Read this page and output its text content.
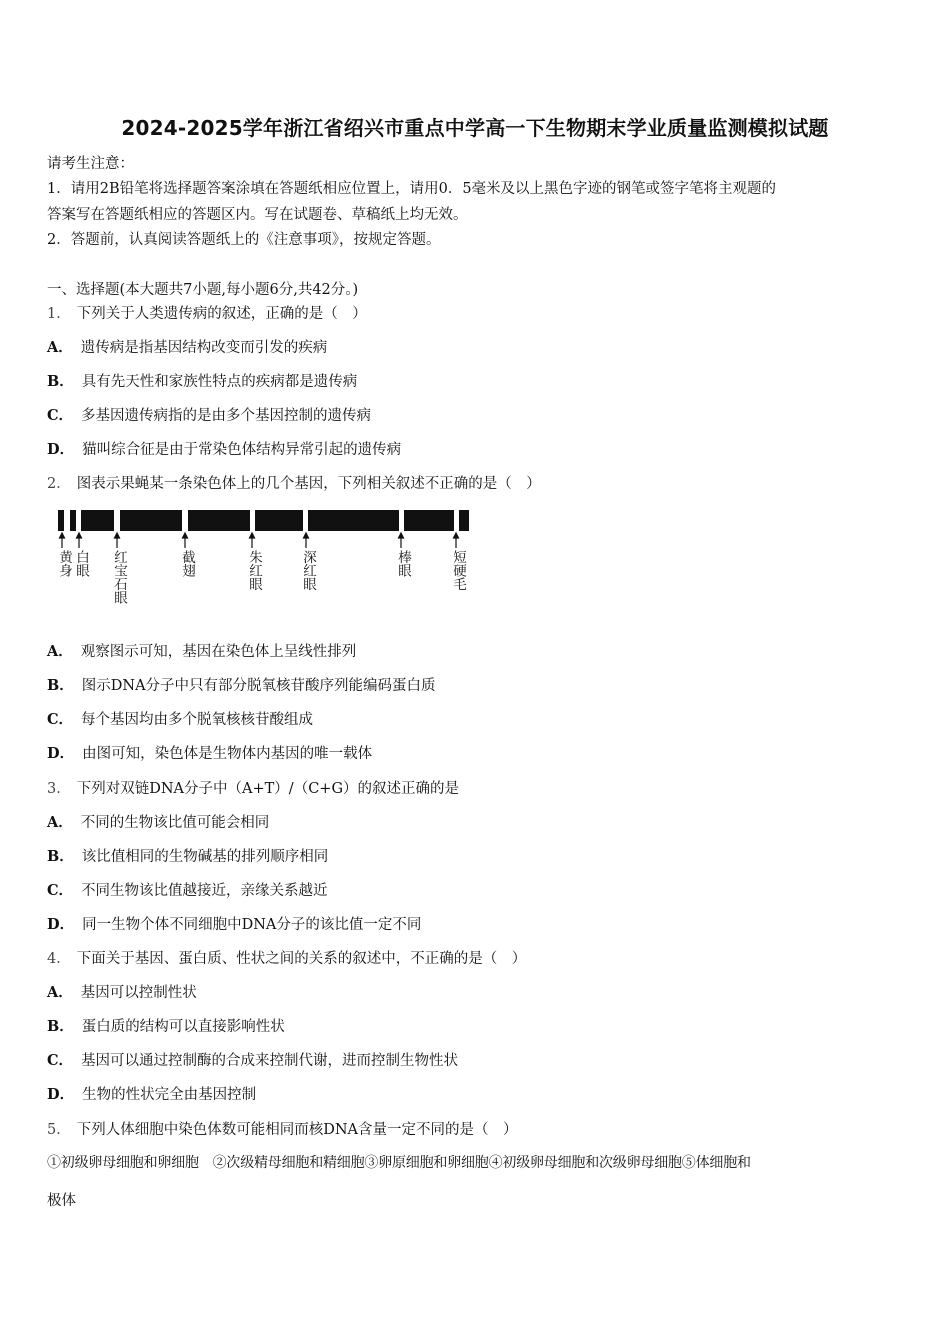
2024-2025学年浙江省绍兴市重点中学高一下生物期末学业质量监测模拟试题
请考生注意：
1．请用2B铅笔将选择题答案涂填在答题纸相应位置上，请用0．5毫米及以上黑色字迹的钢笔或签字笔将主观题的
答案写在答题纸相应的答题区内。写在试题卷、草稿纸上均无效。
2．答题前，认真阅读答题纸上的《注意事项》，按规定答题。
一、选择题(本大题共7小题,每小题6分,共42分。)
1． 下列关于人类遗传病的叙述，正确的是（　）
A． 遗传病是指基因结构改变而引发的疾病
B． 具有先天性和家族性特点的疾病都是遗传病
C． 多基因遗传病指的是由多个基因控制的遗传病
D． 猫叫综合征是由于常染色体结构异常引起的遗传病
2． 图表示果蝇某一条染色体上的几个基因，下列相关叙述不正确的是（　）
黄身 白眼 红宝石眼	截翅	朱红眼	深红眼	棒眼	短硬毛
A． 观察图示可知，基因在染色体上呈线性排列
B． 图示DNA分子中只有部分脱氧核苷酸序列能编码蛋白质
C． 每个基因均由多个脱氧核核苷酸组成
D． 由图可知，染色体是生物体内基因的唯一载体
3． 下列对双链DNA分子中（A+T）/（C+G）的叙述正确的是
A． 不同的生物该比值可能会相同
B． 该比值相同的生物碱基的排列顺序相同
C． 不同生物该比值越接近，亲缘关系越近
D． 同一生物个体不同细胞中DNA分子的该比值一定不同
4． 下面关于基因、蛋白质、性状之间的关系的叙述中，不正确的是（　）
A． 基因可以控制性状
B． 蛋白质的结构可以直接影响性状
C． 基因可以通过控制酶的合成来控制代谢，进而控制生物性状
D． 生物的性状完全由基因控制
5． 下列人体细胞中染色体数可能相同而核DNA含量一定不同的是（　）
①初级卵母细胞和卵细胞　②次级精母细胞和精细胞③卵原细胞和卵细胞④初级卵母细胞和次级卵母细胞⑤体细胞和
极体
